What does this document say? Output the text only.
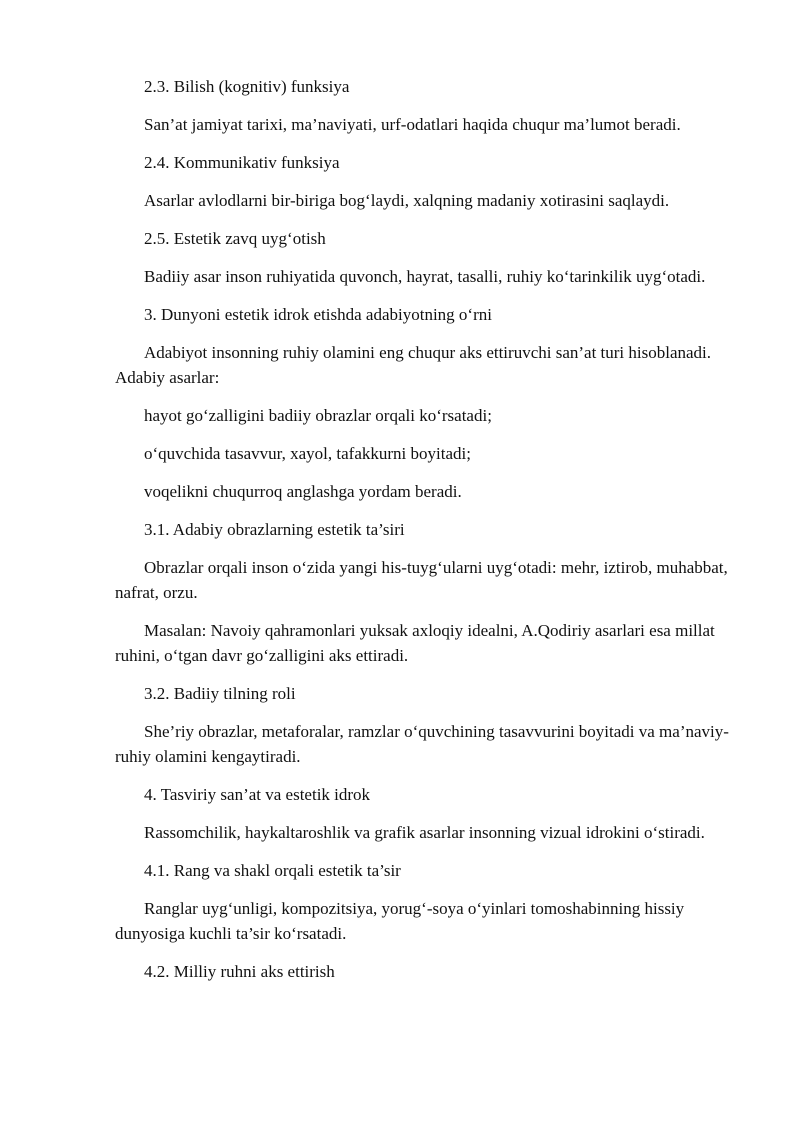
2.3. Bilish (kognitiv) funksiya

San’at jamiyat tarixi, ma’naviyati, urf-odatlari haqida chuqur ma’lumot beradi.

2.4. Kommunikativ funksiya

Asarlar avlodlarni bir-biriga bog‘laydi, xalqning madaniy xotirasini saqlaydi.

2.5. Estetik zavq uyg‘otish

Badiiy asar inson ruhiyatida quvonch, hayrat, tasalli, ruhiy ko‘tarinkilik uyg‘otadi.

3. Dunyoni estetik idrok etishda adabiyotning o‘rni

Adabiyot insonning ruhiy olamini eng chuqur aks ettiruvchi san’at turi hisoblanadi. Adabiy asarlar:

hayot go‘zalligini badiiy obrazlar orqali ko‘rsatadi;

o‘quvchida tasavvur, xayol, tafakkurni boyitadi;

voqelikni chuqurroq anglashga yordam beradi.

3.1. Adabiy obrazlarning estetik ta’siri

Obrazlar orqali inson o‘zida yangi his-tuyg‘ularni uyg‘otadi: mehr, iztirob, muhabbat, nafrat, orzu.

Masalan: Navoiy qahramonlari yuksak axloqiy idealni, A.Qodiriy asarlari esa millat ruhini, o‘tgan davr go‘zalligini aks ettiradi.

3.2. Badiiy tilning roli

She’riy obrazlar, metaforalar, ramzlar o‘quvchining tasavvurini boyitadi va ma’naviy-ruhiy olamini kengaytiradi.

4. Tasviriy san’at va estetik idrok

Rassomchilik, haykaltaroshlik va grafik asarlar insonning vizual idrokini o‘stiradi.

4.1. Rang va shakl orqali estetik ta’sir

Ranglar uyg‘unligi, kompozitsiya, yorug‘-soya o‘yinlari tomoshabinning hissiy dunyosiga kuchli ta’sir ko‘rsatadi.

4.2. Milliy ruhni aks ettirish
